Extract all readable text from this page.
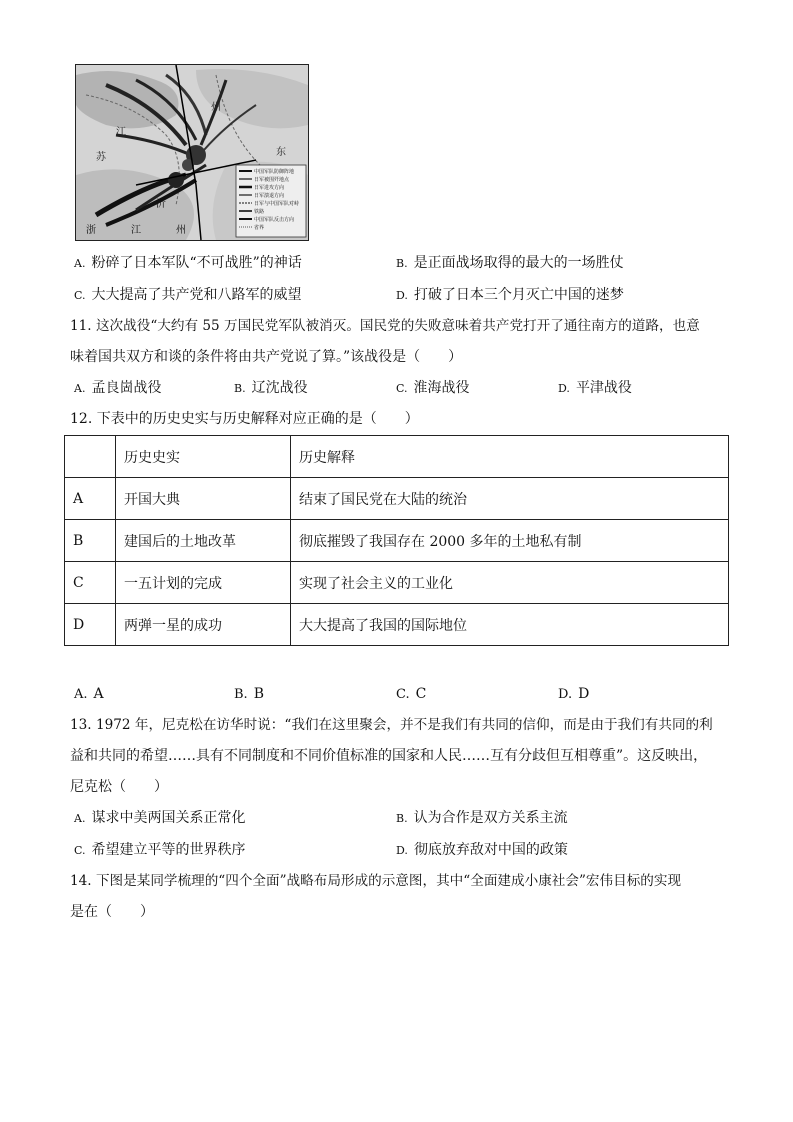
江
苏
州
东
浙	江
沂
州
中国军队防御阵地
日军被围歼地点
日军进攻方向
日军溃退方向
日军与中国军队对峙
铁路
中国军队反击方向
省界
A. 粉碎了日本军队“不可战胜”的神话	B. 是正面战场取得的最大的一场胜仗
C. 大大提高了共产党和八路军的威望	D. 打破了日本三个月灭亡中国的迷梦
11. 这次战役“大约有 55 万国民党军队被消灭。国民党的失败意味着共产党打开了通往南方的道路，也意
味着国共双方和谈的条件将由共产党说了算。”该战役是（　　）
A. 孟良崮战役	B. 辽沈战役	C. 淮海战役	D. 平津战役
12. 下表中的历史史实与历史解释对应正确的是（　　）
	历史史实	历史解释
A	开国大典	结束了国民党在大陆的统治
B	建国后的土地改革	彻底摧毁了我国存在 2000 多年的土地私有制
C	一五计划的完成	实现了社会主义的工业化
D	两弹一星的成功	大大提高了我国的国际地位
A. A	B. B	C. C	D. D
13. 1972 年，尼克松在访华时说：“我们在这里聚会，并不是我们有共同的信仰，而是由于我们有共同的利
益和共同的希望……具有不同制度和不同价值标准的国家和人民……互有分歧但互相尊重”。这反映出，
尼克松（　　）
A. 谋求中美两国关系正常化	B. 认为合作是双方关系主流
C. 希望建立平等的世界秩序	D. 彻底放弃敌对中国的政策
14. 下图是某同学梳理的“四个全面”战略布局形成的示意图，其中“全面建成小康社会”宏伟目标的实现
是在（　　）
